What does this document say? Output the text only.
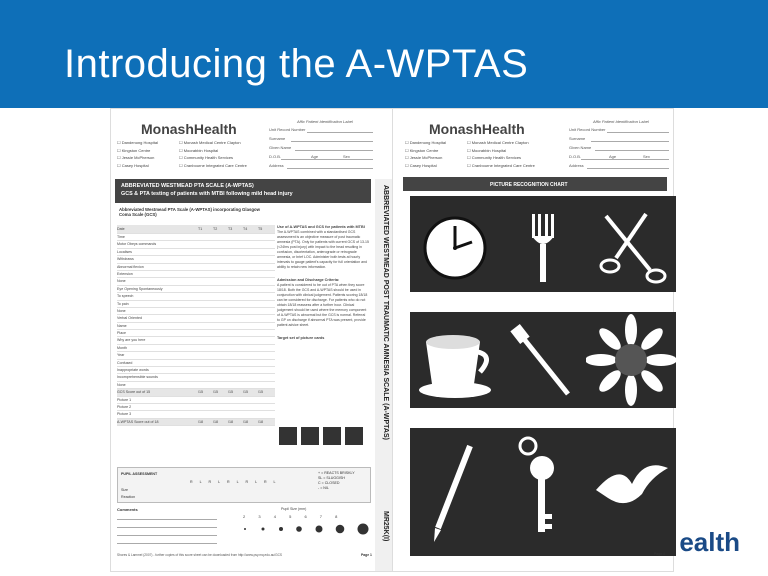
Introducing the A-WPTAS
MonashHealth
☐ Dandenong Hospital
☐ Kingston Centre
☐ Jessie McPherson
☐ Casey Hospital
☐ Monash Medical Centre Clayton
☐ Moorabbin Hospital
☐ Community Health Services
☐ Cranbourne Integrated Care Centre
Affix Patient Identification Label
Unit Record Number
Surname
Given Name
D.O.B.	Age	Sex
Address
ABBREVIATED WESTMEAD PTA SCALE (A-WPTAS)
GCS & PTA testing of patients with MTBI following mild head injury
Abbreviated Westmead PTA Scale (A-WPTAS) incorporating Glasgow Coma Scale (GCS)
Date	T1	T2	T3	T4	T5
Time
Motor Obeys commands
Localises
Withdraws
Abnormal flexion
Extension
None
Eye Opening Spontaneously
To speech
To pain
None
Verbal Oriented
Name
Place
Why are you here
Month
Year
Confused
Inappropriate words
Incomprehensible sounds
None
GCS Score out of 15	/15	/15	/15	/15	/15
Picture 1
Picture 2
Picture 3
A-WPTAS Score out of 18	/18	/18	/18	/18	/18
Use of A-WPTAS and GCS for patients with MTBI
The A-WPTAS combined with a standardised GCS assessment is an objective measure of post traumatic amnesia (PTA). Only for patients with current GCS of 13-15 (<24hrs post injury) with impact to the head resulting in confusion, disorientation, anterograde or retrograde amnesia, or brief LOC. Administer both tests at hourly intervals to gauge patient's capacity for full orientation and ability to retain new information.
Admission and Discharge Criteria:
A patient is considered to be out of PTA when they score 18/18. Both the GCS and A-WPTAS should be used in conjunction with clinical judgement. Patients scoring 18/18 can be considered for discharge. For patients who do not obtain 18/18 reassess after a further hour. Clinical judgement should be used where the memory component of A-WPTAS is abnormal but the GCS is normal. Referral to GP on discharge if abnormal PTA was present, provide patient advice sheet.
Target set of picture cards
PUPIL ASSESSMENT
Size
Reaction
R L R L R L R L R L
+ = REACTS BRISKLY
SL = SLUGGISH
C = CLOSED
- = NIL
Comments	Pupil Size (mm)
2	3	4	5	6	7	8
Shores & Lammel (2007) - further copies of this score sheet can be downloaded from http://www.psy.mq.edu.au/GCS	Page 1
ABBREVIATED WESTMEAD POST TRAUMATIC AMNESIA SCALE (A-WPTAS)
MR25K(I)
MonashHealth
☐ Dandenong Hospital
☐ Kingston Centre
☐ Jessie McPherson
☐ Casey Hospital
☐ Monash Medical Centre Clayton
☐ Moorabbin Hospital
☐ Community Health Services
☐ Cranbourne Integrated Care Centre
Affix Patient Identification Label
Unit Record Number
Surname
Given Name
D.O.B.	Age	Sex
Address
PICTURE RECOGNITION CHART
Page 4 ealth
